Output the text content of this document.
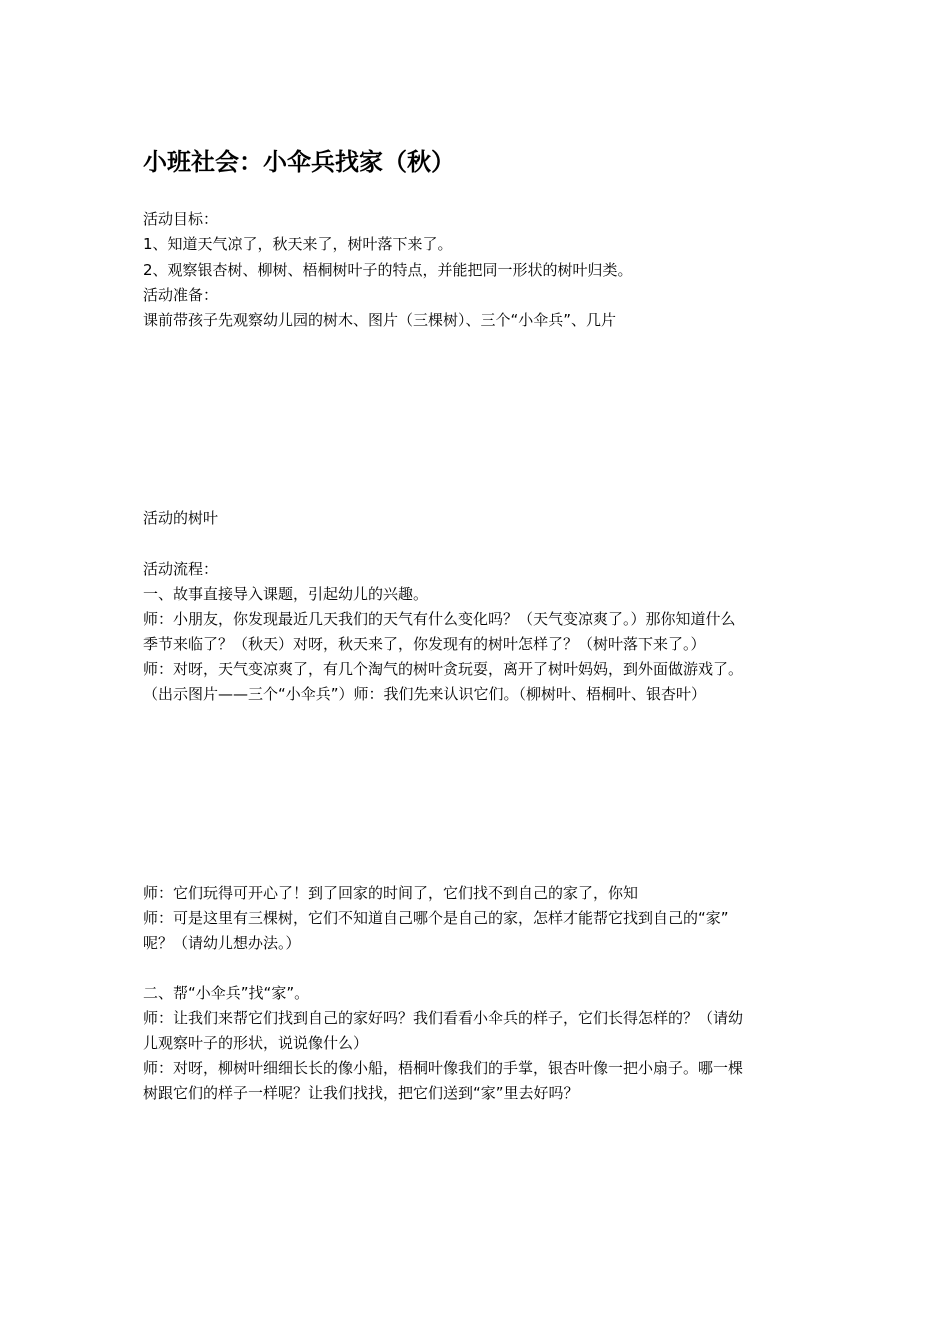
小班社会：小伞兵找家（秋）

活动目标：

1、知道天气凉了，秋天来了，树叶落下来了。

2、观察银杏树、柳树、梧桐树叶子的特点，并能把同一形状的树叶归类。

活动准备：

课前带孩子先观察幼儿园的树木、图片（三棵树）、三个“小伞兵”、几片

活动的树叶

活动流程：

一、故事直接导入课题，引起幼儿的兴趣。

师：小朋友，你发现最近几天我们的天气有什么变化吗？（天气变凉爽了。）那你知道什么

季节来临了？（秋天）对呀，秋天来了，你发现有的树叶怎样了？（树叶落下来了。）

师：对呀，天气变凉爽了，有几个淘气的树叶贪玩耍，离开了树叶妈妈，到外面做游戏了。

（出示图片——三个“小伞兵”）师：我们先来认识它们。（柳树叶、梧桐叶、银杏叶）

师：它们玩得可开心了！到了回家的时间了，它们找不到自己的家了，你知

师：可是这里有三棵树，它们不知道自己哪个是自己的家，怎样才能帮它找到自己的“家”

呢？（请幼儿想办法。）

二、帮“小伞兵”找“家”。

师：让我们来帮它们找到自己的家好吗？我们看看小伞兵的样子，它们长得怎样的？（请幼

儿观察叶子的形状，说说像什么）

师：对呀，柳树叶细细长长的像小船，梧桐叶像我们的手掌，银杏叶像一把小扇子。哪一棵

树跟它们的样子一样呢？让我们找找，把它们送到“家”里去好吗？
